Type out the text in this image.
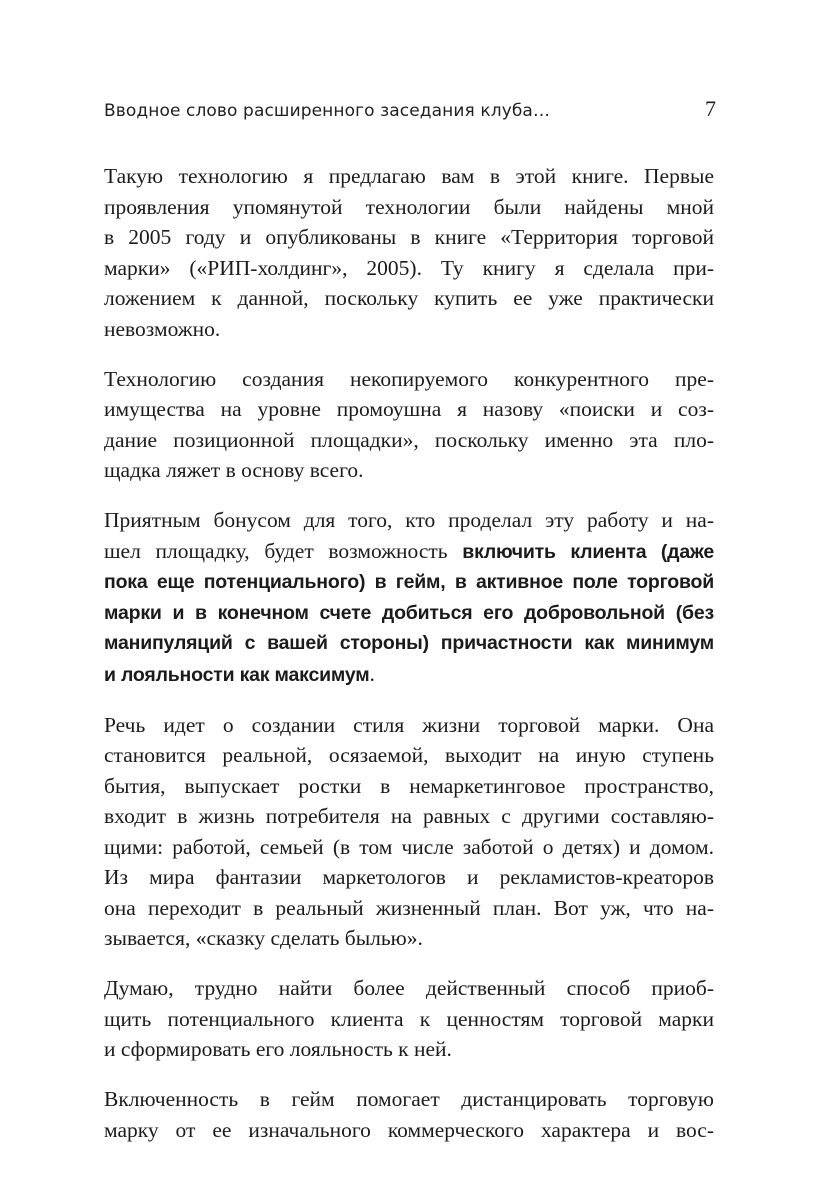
Вводное слово расширенного заседания клуба…	7

Такую технологию я предлагаю вам в этой книге. Первые
проявления упомянутой технологии были найдены мной
в 2005 году и опубликованы в книге «Территория торговой
марки» («РИП-холдинг», 2005). Ту книгу я сделала при-
ложением к данной, поскольку купить ее уже практически
невозможно.

Технологию создания некопируемого конкурентного пре-
имущества на уровне промоушна я назову «поиски и соз-
дание позиционной площадки», поскольку именно эта пло-
щадка ляжет в основу всего.

Приятным бонусом для того, кто проделал эту работу и на-
шел площадку, будет возможность включить клиента (даже
пока еще потенциального) в гейм, в активное поле торговой
марки и в конечном счете добиться его добровольной (без
манипуляций с вашей стороны) причастности как минимум
и лояльности как максимум.

Речь идет о создании стиля жизни торговой марки. Она
становится реальной, осязаемой, выходит на иную ступень
бытия, выпускает ростки в немаркетинговое пространство,
входит в жизнь потребителя на равных с другими составляю-
щими: работой, семьей (в том числе заботой о детях) и домом.
Из мира фантазии маркетологов и рекламистов-креаторов
она переходит в реальный жизненный план. Вот уж, что на-
зывается, «сказку сделать былью».

Думаю, трудно найти более действенный способ приоб-
щить потенциального клиента к ценностям торговой марки
и сформировать его лояльность к ней.

Включенность в гейм помогает дистанцировать торговую
марку от ее изначального коммерческого характера и вос-
